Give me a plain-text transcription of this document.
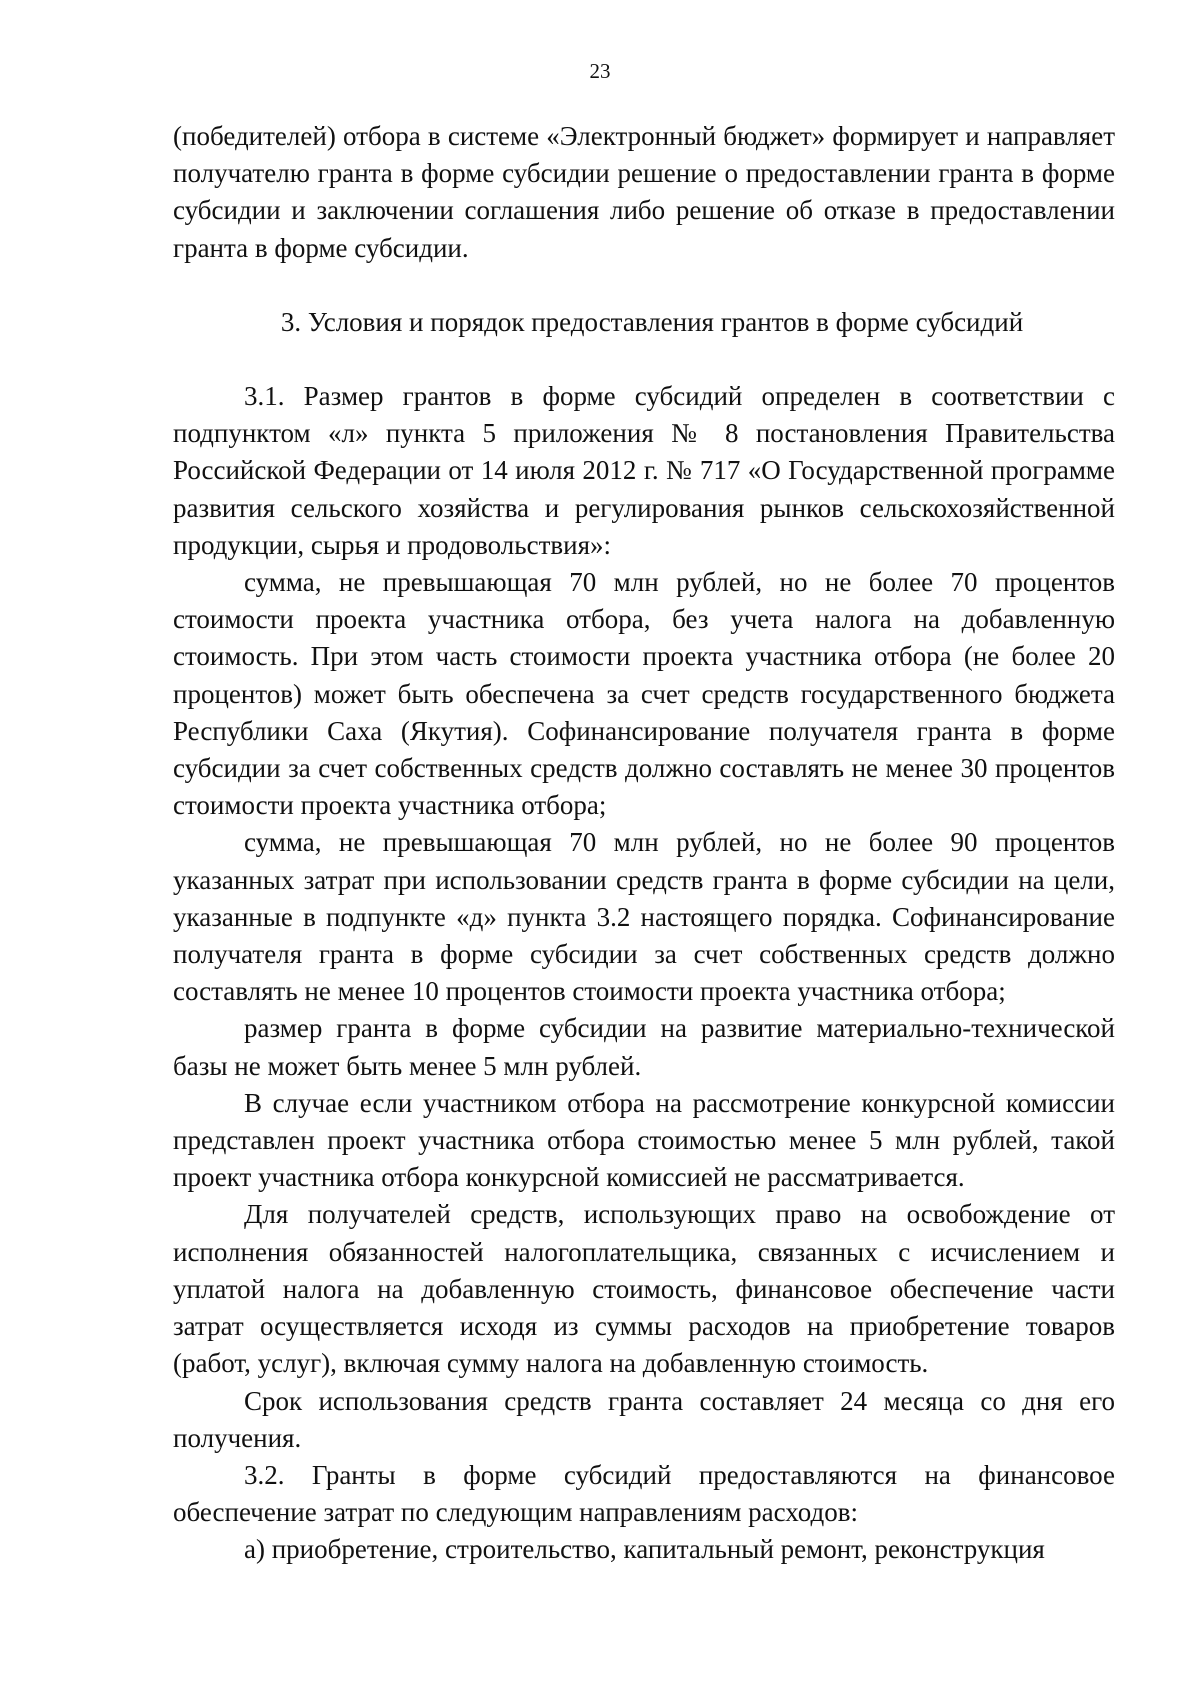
23

(победителей) отбора в системе «Электронный бюджет» формирует и направляет получателю гранта в форме субсидии решение о предоставлении гранта в форме субсидии и заключении соглашения либо решение об отказе в предоставлении гранта в форме субсидии.

3. Условия и порядок предоставления грантов в форме субсидий

3.1. Размер грантов в форме субсидий определен в соответствии с подпунктом «л» пункта 5 приложения № 8 постановления Правительства Российской Федерации от 14 июля 2012 г. № 717 «О Государственной программе развития сельского хозяйства и регулирования рынков сельскохозяйственной продукции, сырья и продовольствия»:

сумма, не превышающая 70 млн рублей, но не более 70 процентов стоимости проекта участника отбора, без учета налога на добавленную стоимость. При этом часть стоимости проекта участника отбора (не более 20 процентов) может быть обеспечена за счет средств государственного бюджета Республики Саха (Якутия). Софинансирование получателя гранта в форме субсидии за счет собственных средств должно составлять не менее 30 процентов стоимости проекта участника отбора;

сумма, не превышающая 70 млн рублей, но не более 90 процентов указанных затрат при использовании средств гранта в форме субсидии на цели, указанные в подпункте «д» пункта 3.2 настоящего порядка. Софинансирование получателя гранта в форме субсидии за счет собственных средств должно составлять не менее 10 процентов стоимости проекта участника отбора;

размер гранта в форме субсидии на развитие материально-технической базы не может быть менее 5 млн рублей.

В случае если участником отбора на рассмотрение конкурсной комиссии представлен проект участника отбора стоимостью менее 5 млн рублей, такой проект участника отбора конкурсной комиссией не рассматривается.

Для получателей средств, использующих право на освобождение от исполнения обязанностей налогоплательщика, связанных с исчислением и уплатой налога на добавленную стоимость, финансовое обеспечение части затрат осуществляется исходя из суммы расходов на приобретение товаров (работ, услуг), включая сумму налога на добавленную стоимость.

Срок использования средств гранта составляет 24 месяца со дня его получения.

3.2. Гранты в форме субсидий предоставляются на финансовое обеспечение затрат по следующим направлениям расходов:

а) приобретение, строительство, капитальный ремонт, реконструкция
